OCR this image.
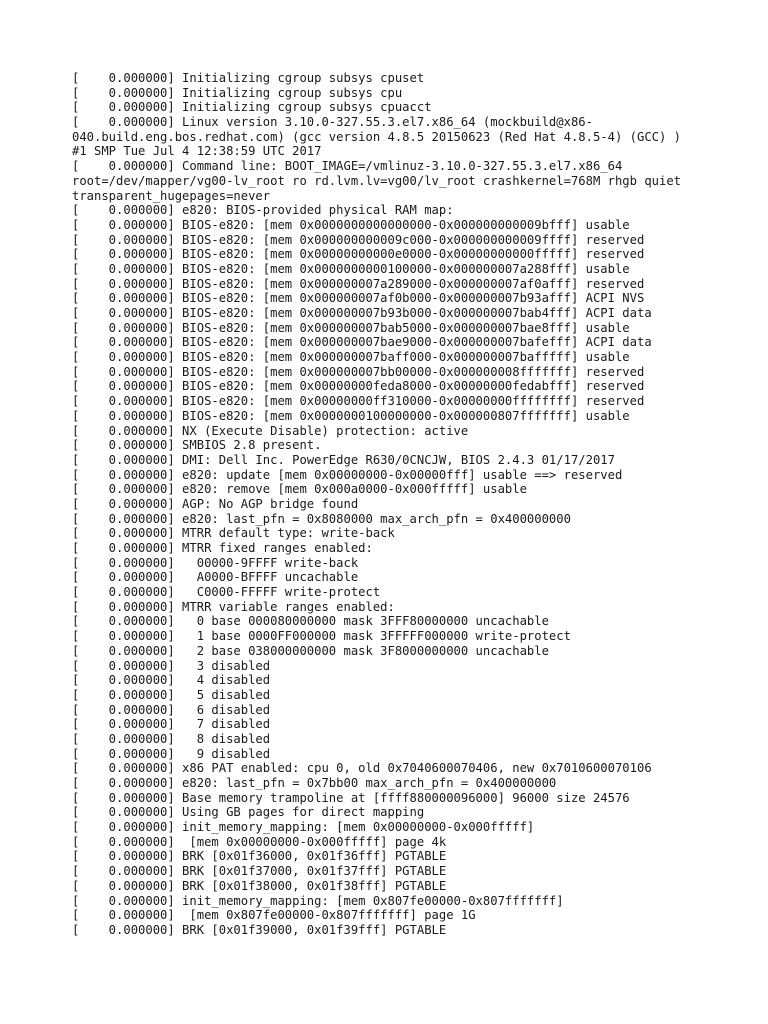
[    0.000000] Initializing cgroup subsys cpuset
[    0.000000] Initializing cgroup subsys cpu
[    0.000000] Initializing cgroup subsys cpuacct
[    0.000000] Linux version 3.10.0-327.55.3.el7.x86_64 (mockbuild@x86-
040.build.eng.bos.redhat.com) (gcc version 4.8.5 20150623 (Red Hat 4.8.5-4) (GCC) )
#1 SMP Tue Jul 4 12:38:59 UTC 2017
[    0.000000] Command line: BOOT_IMAGE=/vmlinuz-3.10.0-327.55.3.el7.x86_64
root=/dev/mapper/vg00-lv_root ro rd.lvm.lv=vg00/lv_root crashkernel=768M rhgb quiet
transparent_hugepages=never
[    0.000000] e820: BIOS-provided physical RAM map:
[    0.000000] BIOS-e820: [mem 0x0000000000000000-0x000000000009bfff] usable
[    0.000000] BIOS-e820: [mem 0x000000000009c000-0x000000000009ffff] reserved
[    0.000000] BIOS-e820: [mem 0x00000000000e0000-0x00000000000fffff] reserved
[    0.000000] BIOS-e820: [mem 0x0000000000100000-0x000000007a288fff] usable
[    0.000000] BIOS-e820: [mem 0x000000007a289000-0x000000007af0afff] reserved
[    0.000000] BIOS-e820: [mem 0x000000007af0b000-0x000000007b93afff] ACPI NVS
[    0.000000] BIOS-e820: [mem 0x000000007b93b000-0x000000007bab4fff] ACPI data
[    0.000000] BIOS-e820: [mem 0x000000007bab5000-0x000000007bae8fff] usable
[    0.000000] BIOS-e820: [mem 0x000000007bae9000-0x000000007bafefff] ACPI data
[    0.000000] BIOS-e820: [mem 0x000000007baff000-0x000000007bafffff] usable
[    0.000000] BIOS-e820: [mem 0x000000007bb00000-0x000000008fffffff] reserved
[    0.000000] BIOS-e820: [mem 0x00000000feda8000-0x00000000fedabfff] reserved
[    0.000000] BIOS-e820: [mem 0x00000000ff310000-0x00000000ffffffff] reserved
[    0.000000] BIOS-e820: [mem 0x0000000100000000-0x000000807fffffff] usable
[    0.000000] NX (Execute Disable) protection: active
[    0.000000] SMBIOS 2.8 present.
[    0.000000] DMI: Dell Inc. PowerEdge R630/0CNCJW, BIOS 2.4.3 01/17/2017
[    0.000000] e820: update [mem 0x00000000-0x00000fff] usable ==> reserved
[    0.000000] e820: remove [mem 0x000a0000-0x000fffff] usable
[    0.000000] AGP: No AGP bridge found
[    0.000000] e820: last_pfn = 0x8080000 max_arch_pfn = 0x400000000
[    0.000000] MTRR default type: write-back
[    0.000000] MTRR fixed ranges enabled:
[    0.000000]   00000-9FFFF write-back
[    0.000000]   A0000-BFFFF uncachable
[    0.000000]   C0000-FFFFF write-protect
[    0.000000] MTRR variable ranges enabled:
[    0.000000]   0 base 000080000000 mask 3FFF80000000 uncachable
[    0.000000]   1 base 0000FF000000 mask 3FFFFF000000 write-protect
[    0.000000]   2 base 038000000000 mask 3F8000000000 uncachable
[    0.000000]   3 disabled
[    0.000000]   4 disabled
[    0.000000]   5 disabled
[    0.000000]   6 disabled
[    0.000000]   7 disabled
[    0.000000]   8 disabled
[    0.000000]   9 disabled
[    0.000000] x86 PAT enabled: cpu 0, old 0x7040600070406, new 0x7010600070106
[    0.000000] e820: last_pfn = 0x7bb00 max_arch_pfn = 0x400000000
[    0.000000] Base memory trampoline at [ffff880000096000] 96000 size 24576
[    0.000000] Using GB pages for direct mapping
[    0.000000] init_memory_mapping: [mem 0x00000000-0x000fffff]
[    0.000000]  [mem 0x00000000-0x000fffff] page 4k
[    0.000000] BRK [0x01f36000, 0x01f36fff] PGTABLE
[    0.000000] BRK [0x01f37000, 0x01f37fff] PGTABLE
[    0.000000] BRK [0x01f38000, 0x01f38fff] PGTABLE
[    0.000000] init_memory_mapping: [mem 0x807fe00000-0x807fffffff]
[    0.000000]  [mem 0x807fe00000-0x807fffffff] page 1G
[    0.000000] BRK [0x01f39000, 0x01f39fff] PGTABLE
